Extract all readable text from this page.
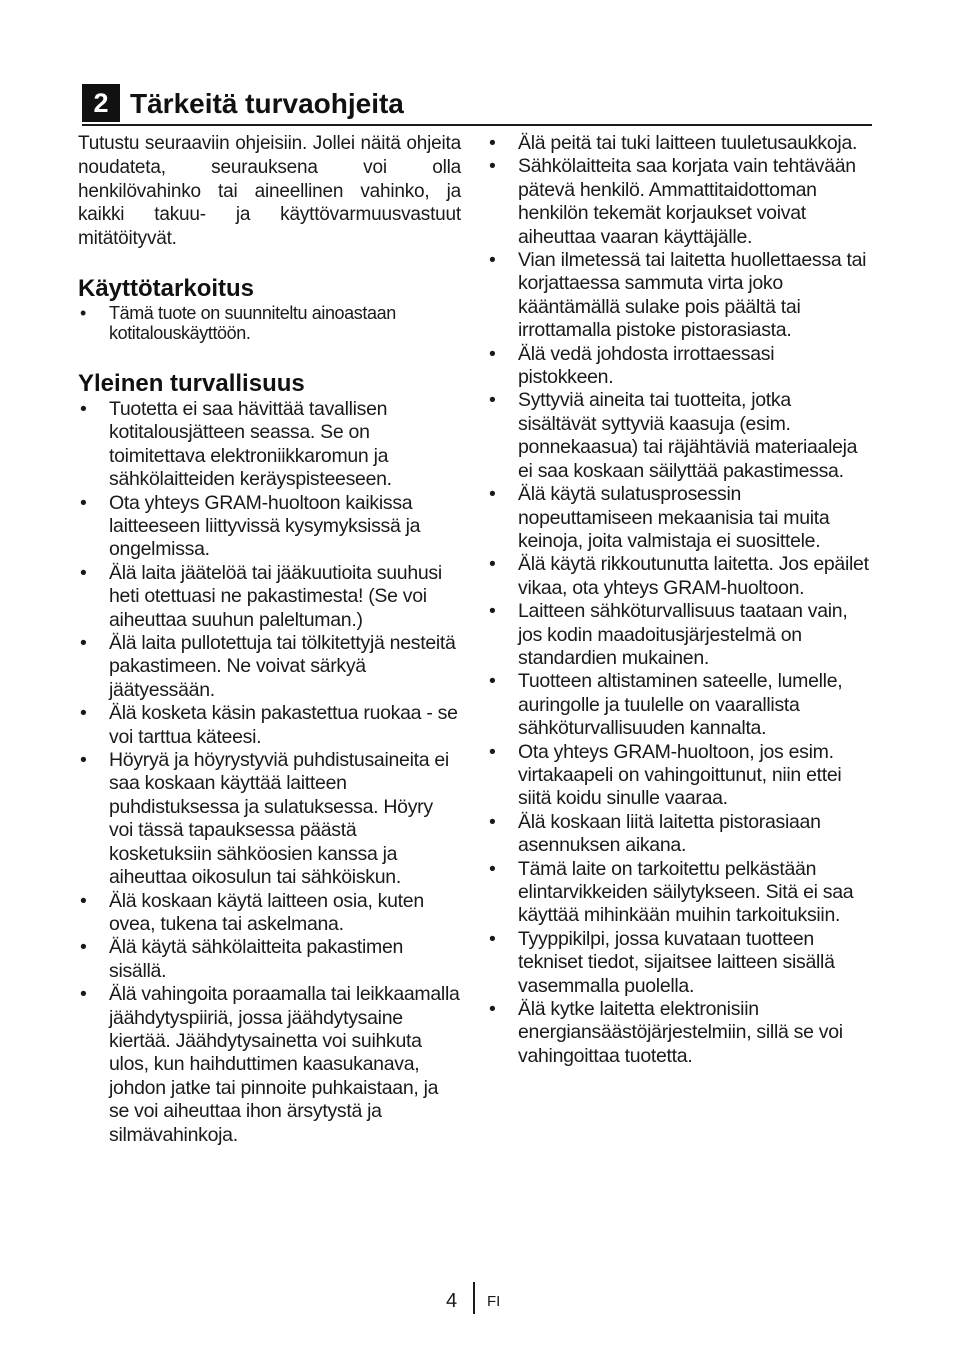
2 Tärkeitä turvaohjeita

Tutustu seuraaviin ohjeisiin. Jollei näitä ohjeita noudateta, seurauksena voi olla henkilövahinko tai aineellinen vahinko, ja kaikki takuu- ja käyttövarmuusvastuut mitätöityvät.

Käyttötarkoitus
• Tämä tuote on suunniteltu ainoastaan kotitalouskäyttöön.
Yleinen turvallisuus
• Tuotetta ei saa hävittää tavallisen kotitalousjätteen seassa. Se on toimitettava elektroniikkaromun ja sähkölaitteiden keräyspisteeseen.
• Ota yhteys GRAM-huoltoon kaikissa laitteeseen liittyvissä kysymyksissä ja ongelmissa.
• Älä laita jäätelöä tai jääkuutioita suuhusi heti otettuasi ne pakastimesta! (Se voi aiheuttaa suuhun paleltuman.)
• Älä laita pullotettuja tai tölkitettyjä nesteitä pakastimeen. Ne voivat särkyä jäätyessään.
• Älä kosketa käsin pakastettua ruokaa - se voi tarttua käteesi.
• Höyryä ja höyrystyviä puhdistusaineita ei saa koskaan käyttää laitteen puhdistuksessa ja sulatuksessa. Höyry voi tässä tapauksessa päästä kosketuksiin sähköosien kanssa ja aiheuttaa oikosulun tai sähköiskun.
• Älä koskaan käytä laitteen osia, kuten ovea, tukena tai askelmana.
• Älä käytä sähkölaitteita pakastimen sisällä.
• Älä vahingoita poraamalla tai leikkaamalla jäähdytyspiiriä, jossa jäähdytysaine kiertää. Jäähdytysainetta voi suihkuta ulos, kun haihduttimen kaasukanava, johdon jatke tai pinnoite puhkaistaan, ja se voi aiheuttaa ihon ärsytystä ja silmävahinkoja.
• Älä peitä tai tuki laitteen tuuletusaukkoja.
• Sähkölaitteita saa korjata vain tehtävään pätevä henkilö. Ammattitaidottoman henkilön tekemät korjaukset voivat aiheuttaa vaaran käyttäjälle.
• Vian ilmetessä tai laitetta huollettaessa tai korjattaessa sammuta virta joko kääntämällä sulake pois päältä tai irrottamalla pistoke pistorasiasta.
• Älä vedä johdosta irrottaessasi pistokkeen.
• Syttyviä aineita tai tuotteita, jotka sisältävät syttyviä kaasuja (esim. ponnekaasua) tai räjähtäviä materiaaleja ei saa koskaan säilyttää pakastimessa.
• Älä käytä sulatusprosessin nopeuttamiseen mekaanisia tai muita keinoja, joita valmistaja ei suosittele.
• Älä käytä rikkoutunutta laitetta. Jos epäilet vikaa, ota yhteys GRAM-huoltoon.
• Laitteen sähköturvallisuus taataan vain, jos kodin maadoitusjärjestelmä on standardien mukainen.
• Tuotteen altistaminen sateelle, lumelle, auringolle ja tuulelle on vaarallista sähköturvallisuuden kannalta.
• Ota yhteys GRAM-huoltoon, jos esim. virtakaapeli on vahingoittunut, niin ettei siitä koidu sinulle vaaraa.
• Älä koskaan liitä laitetta pistorasiaan asennuksen aikana.
• Tämä laite on tarkoitettu pelkästään elintarvikkeiden säilytykseen. Sitä ei saa käyttää mihinkään muihin tarkoituksiin.
• Tyyppikilpi, jossa kuvataan tuotteen tekniset tiedot, sijaitsee laitteen sisällä vasemmalla puolella.
• Älä kytke laitetta elektronisiin energiansäästöjärjestelmiin, sillä se voi vahingoittaa tuotetta.
4 FI
